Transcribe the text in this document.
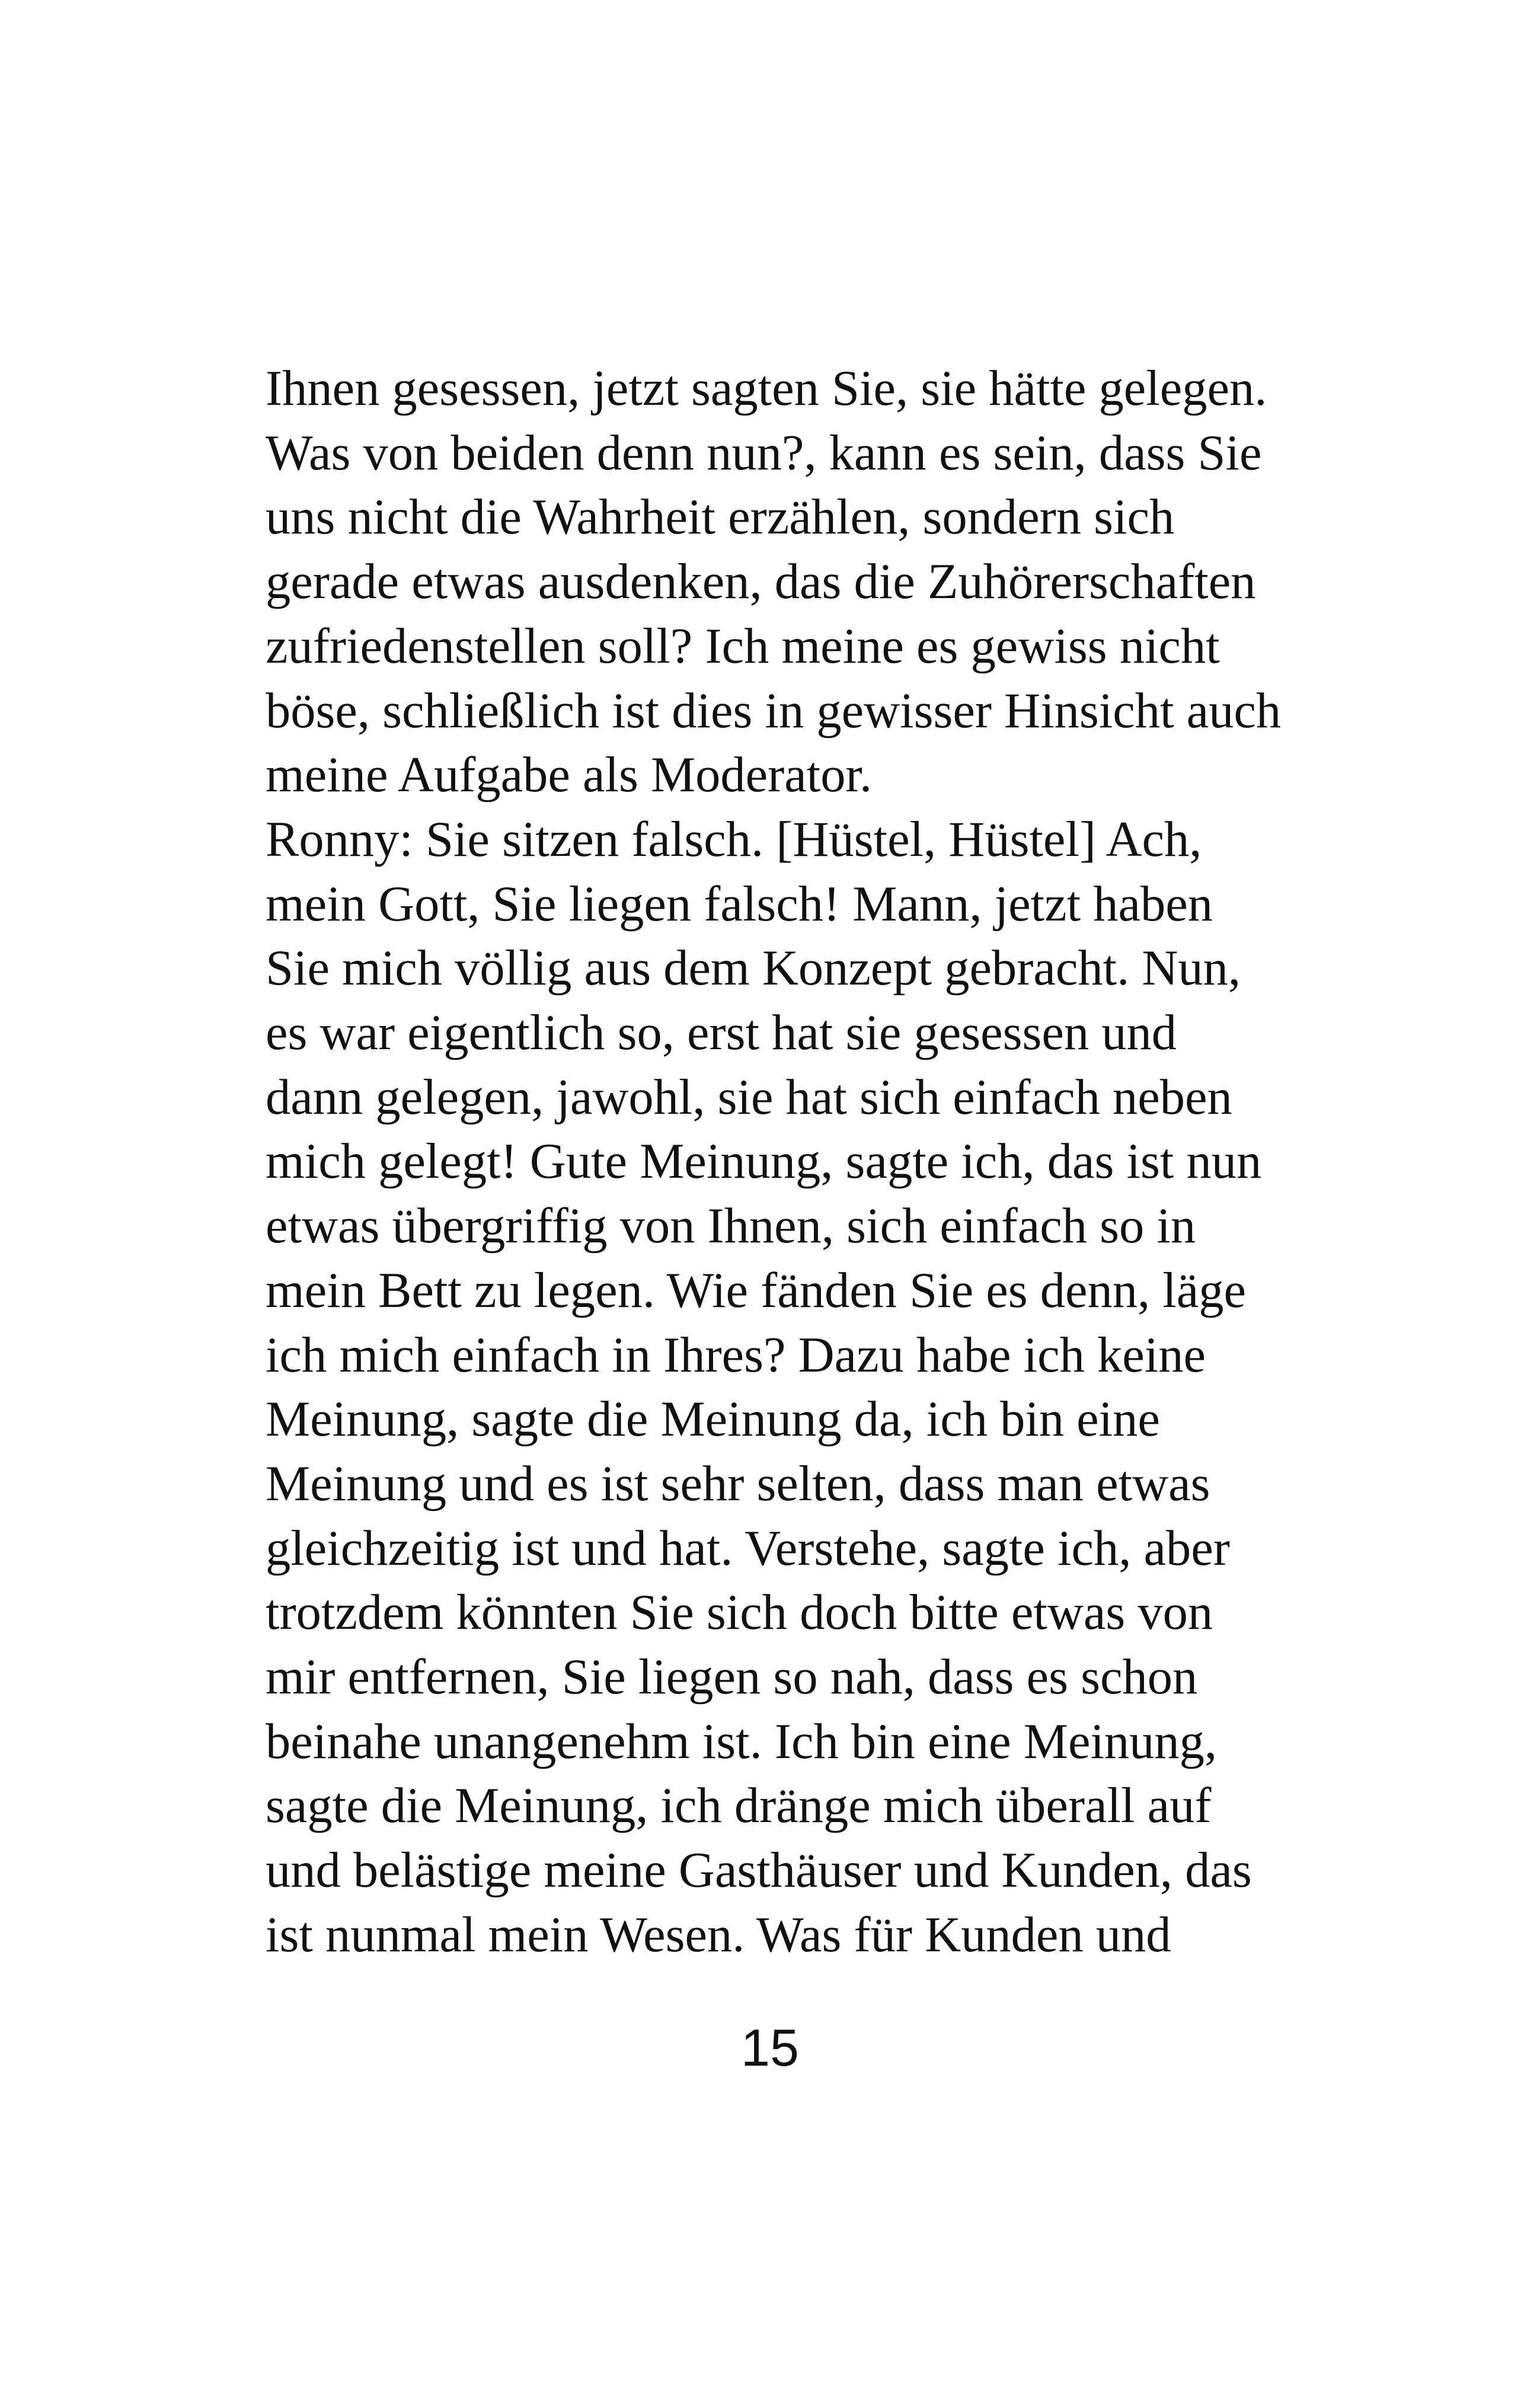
Ihnen gesessen, jetzt sagten Sie, sie hätte gelegen.
Was von beiden denn nun?, kann es sein, dass Sie
uns nicht die Wahrheit erzählen, sondern sich
gerade etwas ausdenken, das die Zuhörerschaften
zufriedenstellen soll? Ich meine es gewiss nicht
böse, schließlich ist dies in gewisser Hinsicht auch
meine Aufgabe als Moderator.
Ronny: Sie sitzen falsch. [Hüstel, Hüstel] Ach,
mein Gott, Sie liegen falsch! Mann, jetzt haben
Sie mich völlig aus dem Konzept gebracht. Nun,
es war eigentlich so, erst hat sie gesessen und
dann gelegen, jawohl, sie hat sich einfach neben
mich gelegt! Gute Meinung, sagte ich, das ist nun
etwas übergriffig von Ihnen, sich einfach so in
mein Bett zu legen. Wie fänden Sie es denn, läge
ich mich einfach in Ihres? Dazu habe ich keine
Meinung, sagte die Meinung da, ich bin eine
Meinung und es ist sehr selten, dass man etwas
gleichzeitig ist und hat. Verstehe, sagte ich, aber
trotzdem könnten Sie sich doch bitte etwas von
mir entfernen, Sie liegen so nah, dass es schon
beinahe unangenehm ist. Ich bin eine Meinung,
sagte die Meinung, ich dränge mich überall auf
und belästige meine Gasthäuser und Kunden, das
ist nunmal mein Wesen. Was für Kunden und
15
